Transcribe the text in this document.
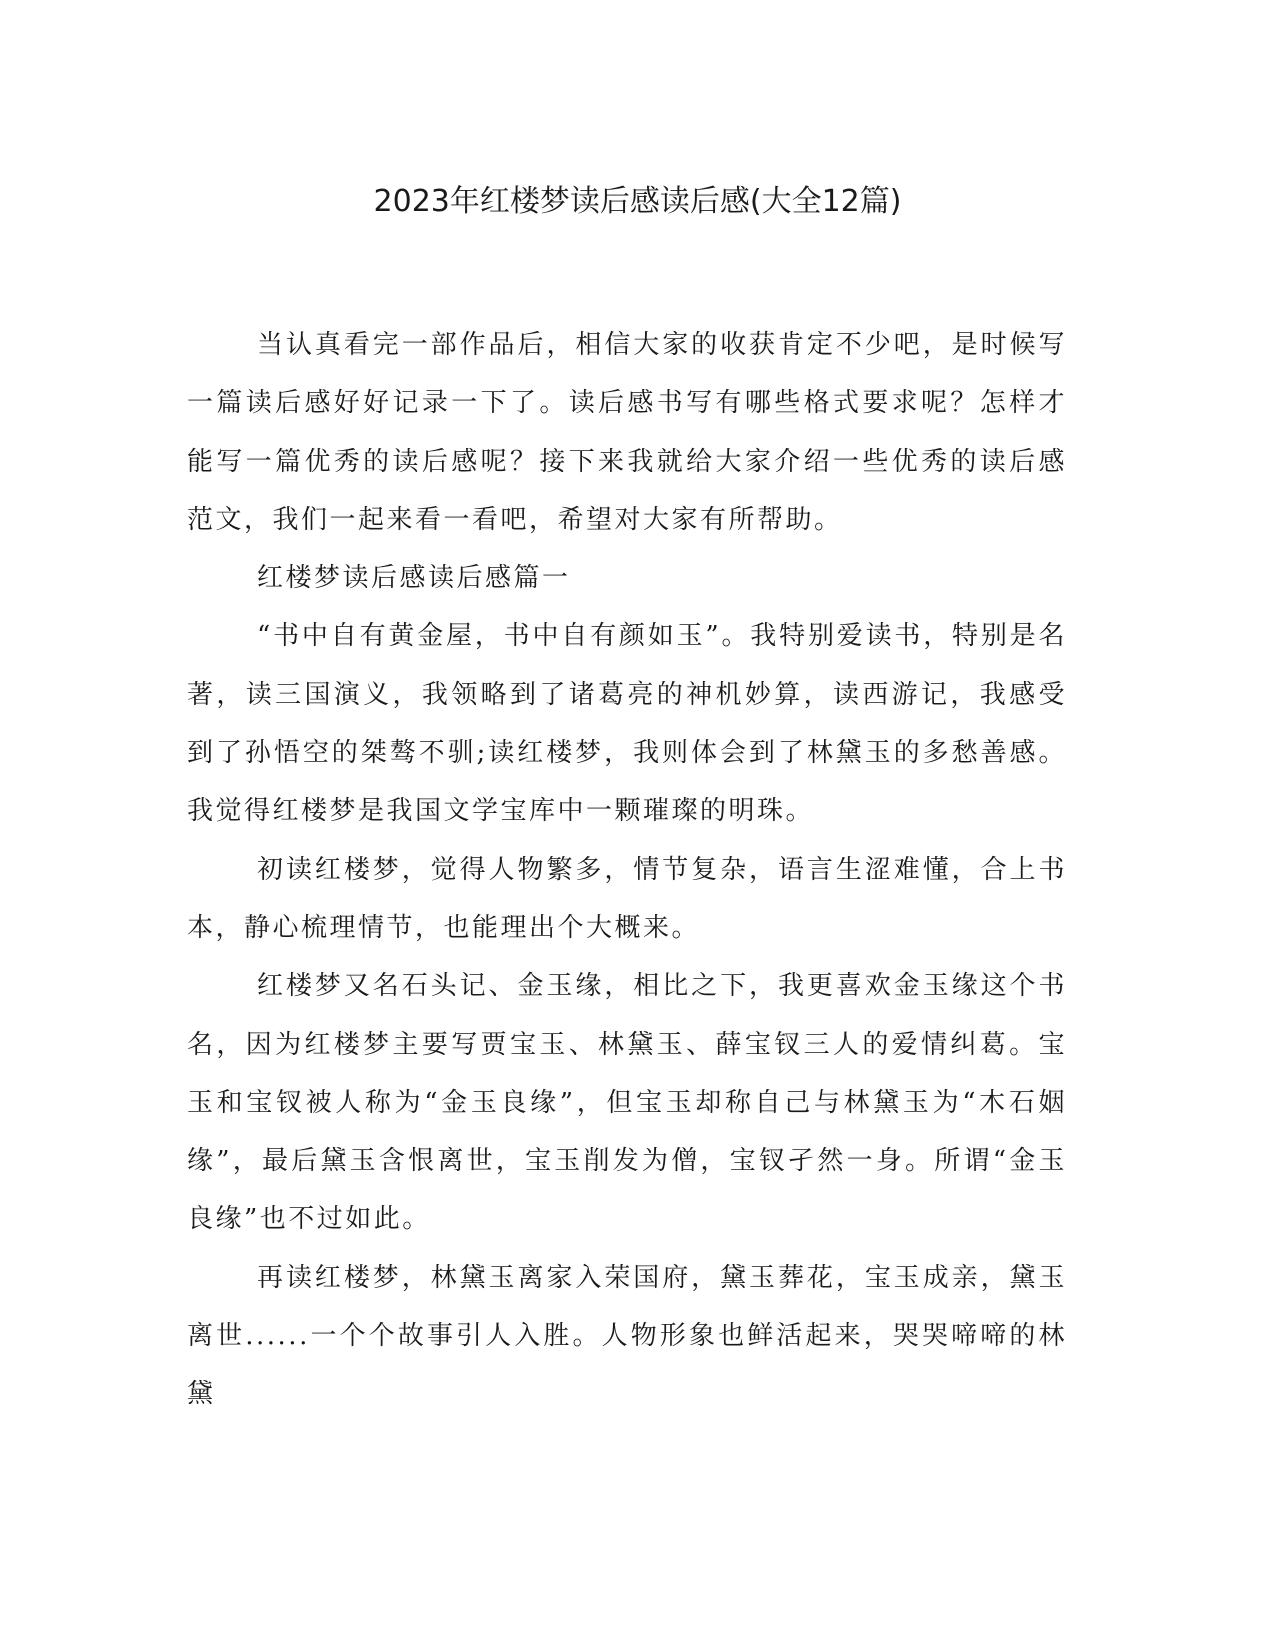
2023年红楼梦读后感读后感(大全12篇)

当认真看完一部作品后，相信大家的收获肯定不少吧，是时候写一篇读后感好好记录一下了。读后感书写有哪些格式要求呢？怎样才能写一篇优秀的读后感呢？接下来我就给大家介绍一些优秀的读后感范文，我们一起来看一看吧，希望对大家有所帮助。

红楼梦读后感读后感篇一

“书中自有黄金屋，书中自有颜如玉”。我特别爱读书，特别是名著，读三国演义，我领略到了诸葛亮的神机妙算，读西游记，我感受到了孙悟空的桀骜不驯;读红楼梦，我则体会到了林黛玉的多愁善感。我觉得红楼梦是我国文学宝库中一颗璀璨的明珠。

初读红楼梦，觉得人物繁多，情节复杂，语言生涩难懂，合上书本，静心梳理情节，也能理出个大概来。

红楼梦又名石头记、金玉缘，相比之下，我更喜欢金玉缘这个书名，因为红楼梦主要写贾宝玉、林黛玉、薛宝钗三人的爱情纠葛。宝玉和宝钗被人称为“金玉良缘”，但宝玉却称自己与林黛玉为“木石姻缘”，最后黛玉含恨离世，宝玉削发为僧，宝钗孑然一身。所谓“金玉良缘”也不过如此。

再读红楼梦，林黛玉离家入荣国府，黛玉葬花，宝玉成亲，黛玉离世......一个个故事引人入胜。人物形象也鲜活起来，哭哭啼啼的林黛
